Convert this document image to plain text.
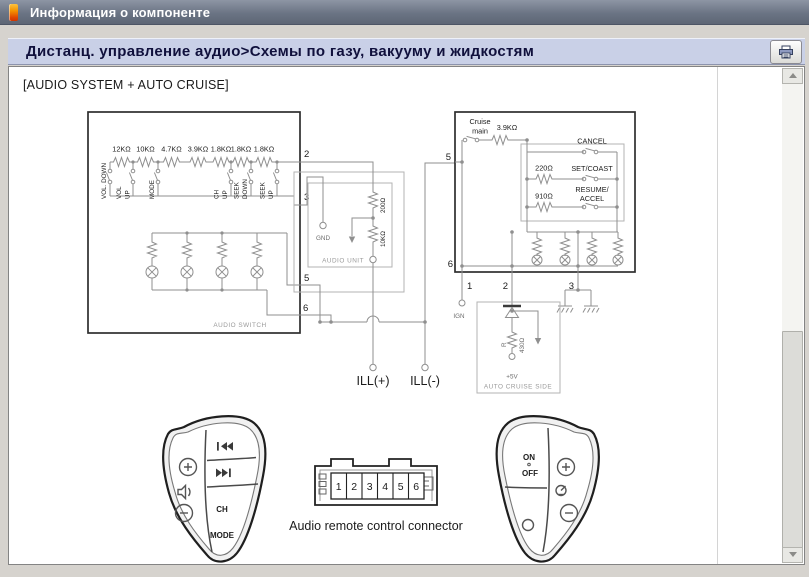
Информация о компоненте
Дистанц. управление аудио>Схемы по газу, вакууму и жидкостям
[AUDIO SYSTEM + AUTO CRUISE]
12KΩ 10KΩ 4.7KΩ 3.9KΩ 1.8KΩ 1.8KΩ 1.8KΩ
VOL. DOWN VOL UP	MODE	CH UP SEEK DOWN SEEK UP
AUDIO SWITCH
2
3
5
6
200Ω
10KΩ
GND
AUDIO UNIT
ILL(+) ILL(-)
Cruise
main 3.9KΩ
CANCEL
220Ω	SET/COAST
910Ω
RESUME/
ACCEL
5
6
1	2	3
IGN
R 430Ω
+5V
AUTO CRUISE SIDE
1 2 3 4 5 6
Audio remote control connector
CH
MODE
ON
OFF
